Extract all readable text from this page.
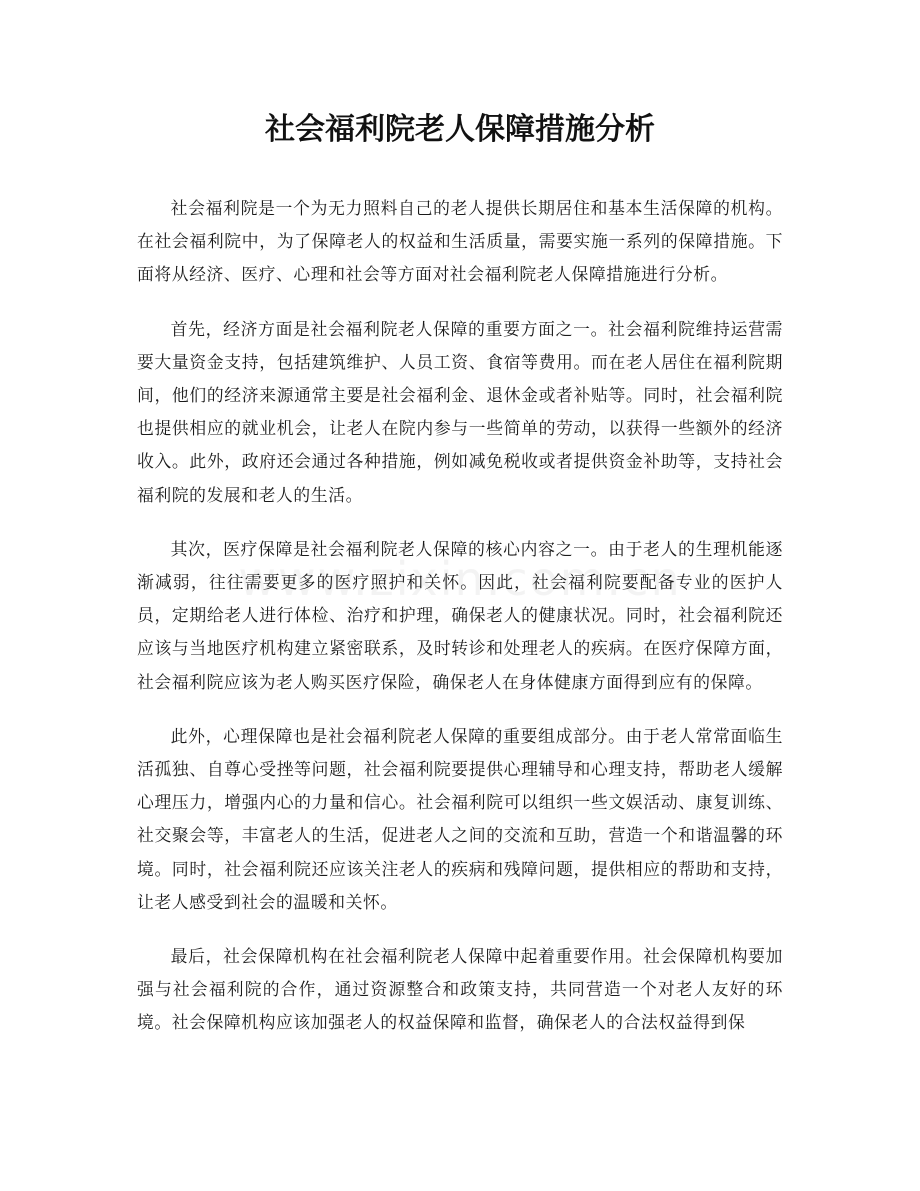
社会福利院老人保障措施分析

社会福利院是一个为无力照料自己的老人提供长期居住和基本生活保障的机构。在社会福利院中，为了保障老人的权益和生活质量，需要实施一系列的保障措施。下面将从经济、医疗、心理和社会等方面对社会福利院老人保障措施进行分析。

首先，经济方面是社会福利院老人保障的重要方面之一。社会福利院维持运营需要大量资金支持，包括建筑维护、人员工资、食宿等费用。而在老人居住在福利院期间，他们的经济来源通常主要是社会福利金、退休金或者补贴等。同时，社会福利院也提供相应的就业机会，让老人在院内参与一些简单的劳动，以获得一些额外的经济收入。此外，政府还会通过各种措施，例如减免税收或者提供资金补助等，支持社会福利院的发展和老人的生活。

其次，医疗保障是社会福利院老人保障的核心内容之一。由于老人的生理机能逐渐减弱，往往需要更多的医疗照护和关怀。因此，社会福利院要配备专业的医护人员，定期给老人进行体检、治疗和护理，确保老人的健康状况。同时，社会福利院还应该与当地医疗机构建立紧密联系，及时转诊和处理老人的疾病。在医疗保障方面，社会福利院应该为老人购买医疗保险，确保老人在身体健康方面得到应有的保障。

此外，心理保障也是社会福利院老人保障的重要组成部分。由于老人常常面临生活孤独、自尊心受挫等问题，社会福利院要提供心理辅导和心理支持，帮助老人缓解心理压力，增强内心的力量和信心。社会福利院可以组织一些文娱活动、康复训练、社交聚会等，丰富老人的生活，促进老人之间的交流和互助，营造一个和谐温馨的环境。同时，社会福利院还应该关注老人的疾病和残障问题，提供相应的帮助和支持，让老人感受到社会的温暖和关怀。

最后，社会保障机构在社会福利院老人保障中起着重要作用。社会保障机构要加强与社会福利院的合作，通过资源整合和政策支持，共同营造一个对老人友好的环境。社会保障机构应该加强老人的权益保障和监督，确保老人的合法权益得到保
